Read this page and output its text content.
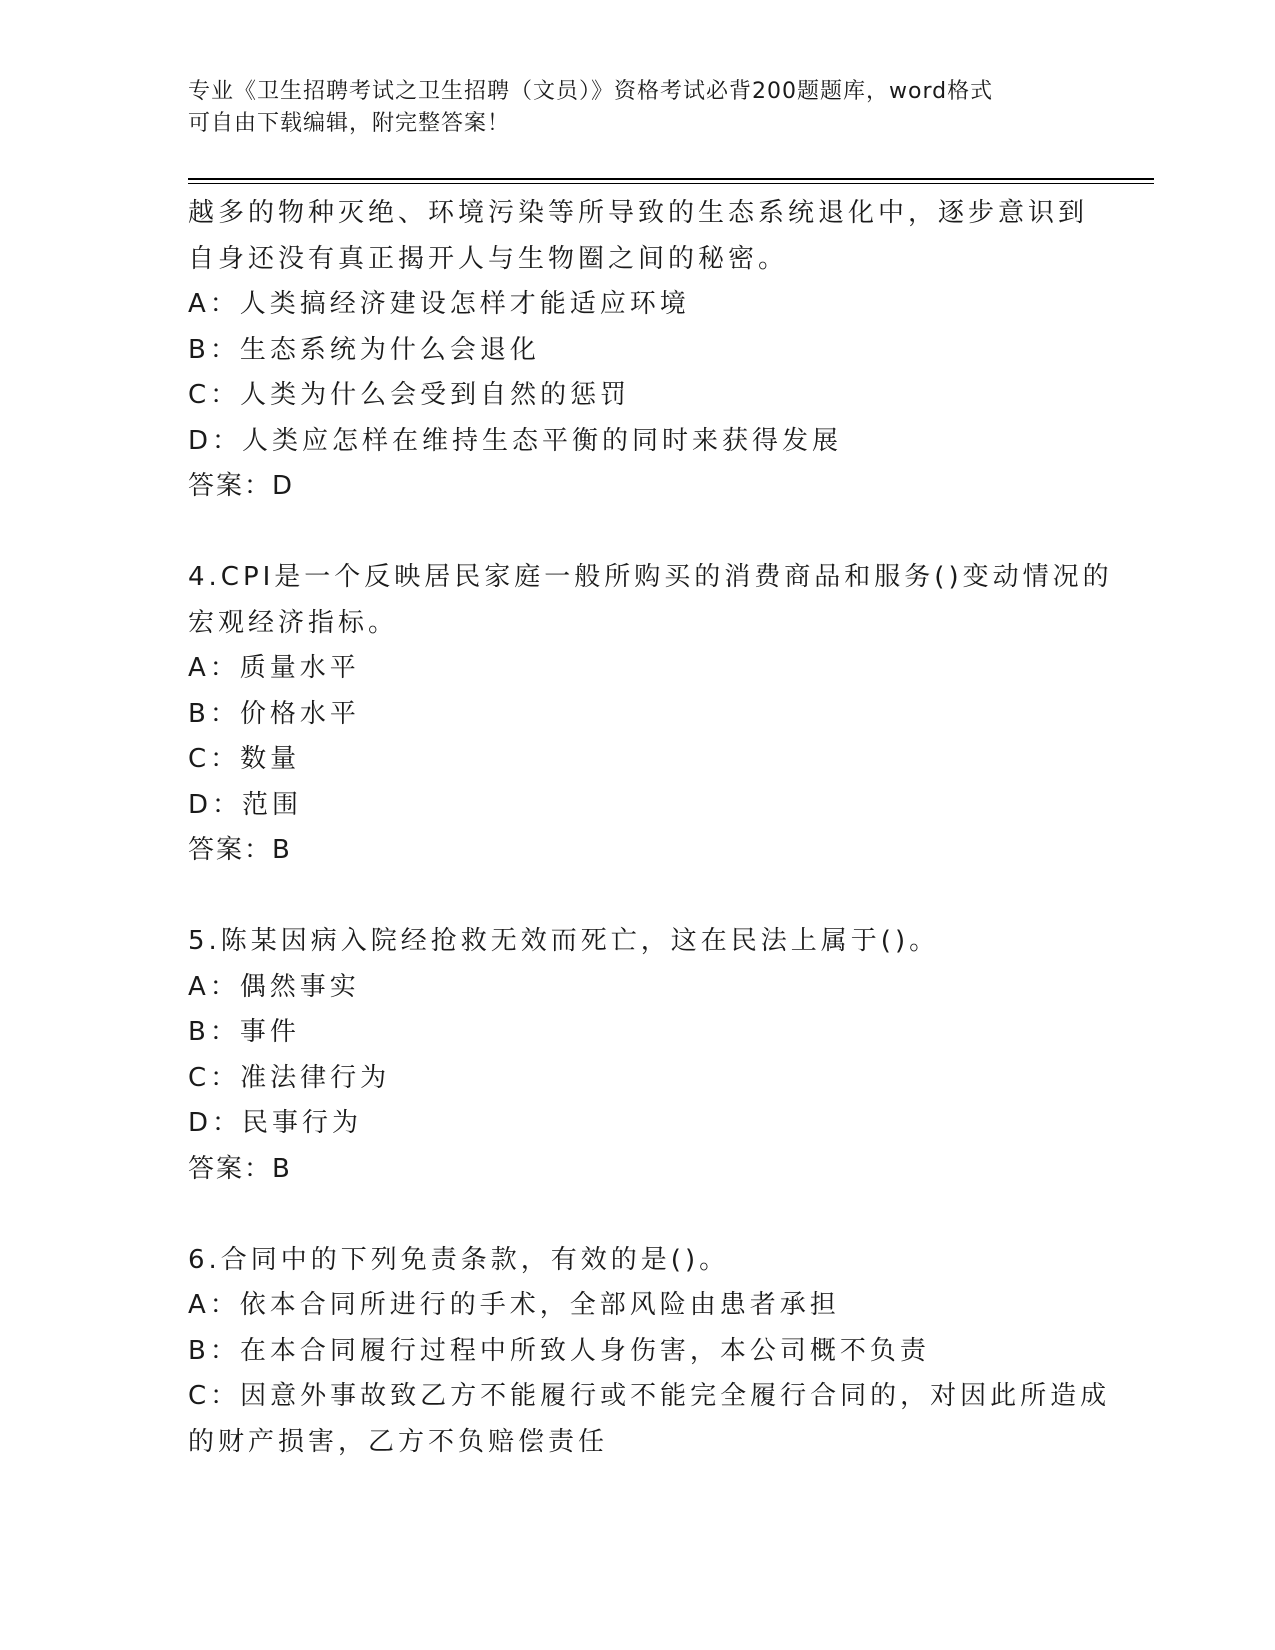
专业《卫生招聘考试之卫生招聘（文员）》资格考试必背200题题库，word格式
可自由下载编辑，附完整答案！
越多的物种灭绝、环境污染等所导致的生态系统退化中，逐步意识到
自身还没有真正揭开人与生物圈之间的秘密。
A：人类搞经济建设怎样才能适应环境
B：生态系统为什么会退化
C：人类为什么会受到自然的惩罚
D：人类应怎样在维持生态平衡的同时来获得发展
答案：D
4.CPI是一个反映居民家庭一般所购买的消费商品和服务()变动情况的
宏观经济指标。
A：质量水平
B：价格水平
C：数量
D：范围
答案：B
5.陈某因病入院经抢救无效而死亡，这在民法上属于()。
A：偶然事实
B：事件
C：准法律行为
D：民事行为
答案：B
6.合同中的下列免责条款，有效的是()。
A：依本合同所进行的手术，全部风险由患者承担
B：在本合同履行过程中所致人身伤害，本公司概不负责
C：因意外事故致乙方不能履行或不能完全履行合同的，对因此所造成
的财产损害，乙方不负赔偿责任
